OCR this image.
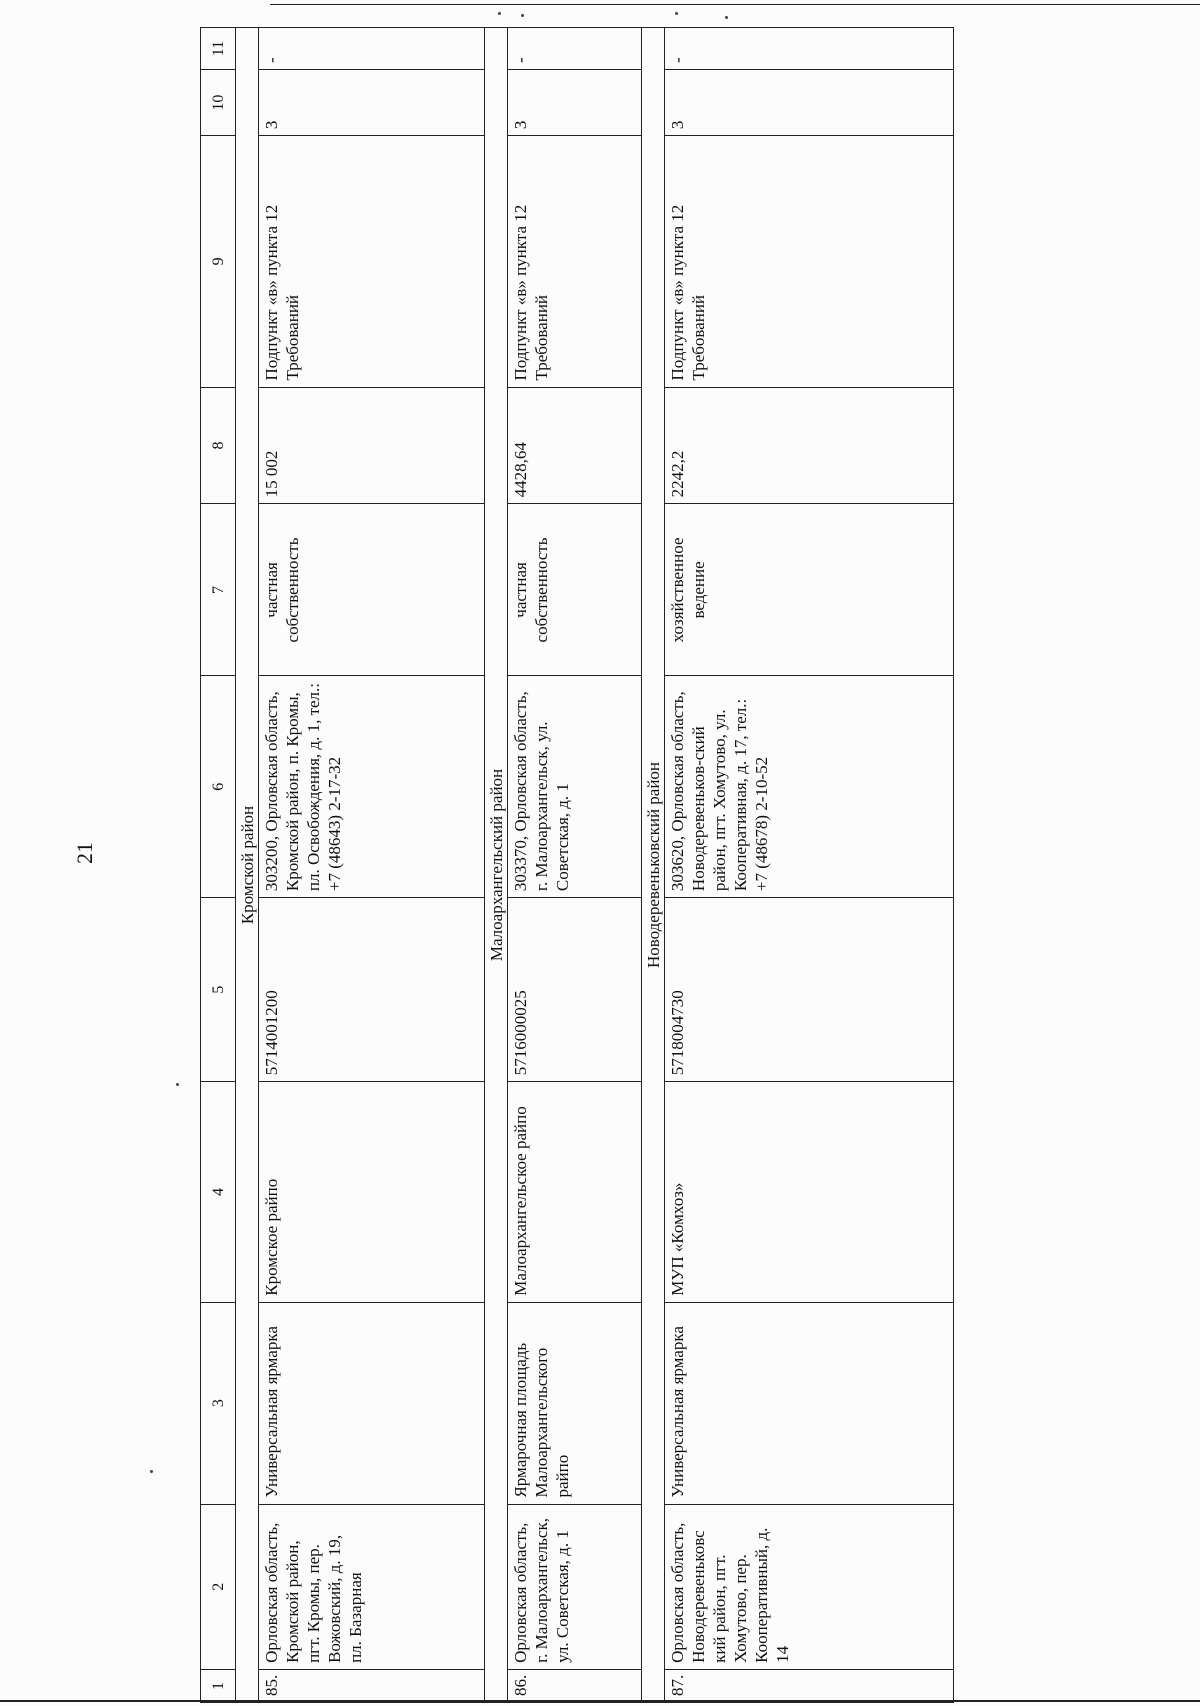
21
1	2	3	4	5	6	7	8	9	10	11
Кромской район										
85.	Орловская область, Кромской район, пгт. Кромы, пер. Вожовский, д. 19, пл. Базарная	Универсальная ярмарка	Кромское райпо	5714001200	303200, Орловская область, Кромской район, п. Кромы, пл. Освобождения, д. 1, тел.: +7 (48643) 2-17-32	частная собственность	15 002	Подпункт «в» пункта 12 Требований	3	-
Малоархангельский район										
86.	Орловская область, г. Малоархангельск, ул. Советская, д. 1	Ярмарочная площадь Малоархангельского райпо	Малоархангельское райпо	5716000025	303370, Орловская область, г. Малоархангельск, ул. Советская, д. 1	частная собственность	4428,64	Подпункт «в» пункта 12 Требований	3	-
Новодеревеньковский район										
87.	Орловская область, Новодеревеньковс кий район, пгт. Хомутово, пер. Кооперативный, д. 14	Универсальная ярмарка	МУП «Комхоз»	5718004730	303620, Орловская область, Новодеревеньков-ский район, пгт. Хомутово, ул. Кооперативная, д. 17, тел.: +7 (48678) 2-10-52	хозяйственное ведение	2242,2	Подпункт «в» пункта 12 Требований	3	-
